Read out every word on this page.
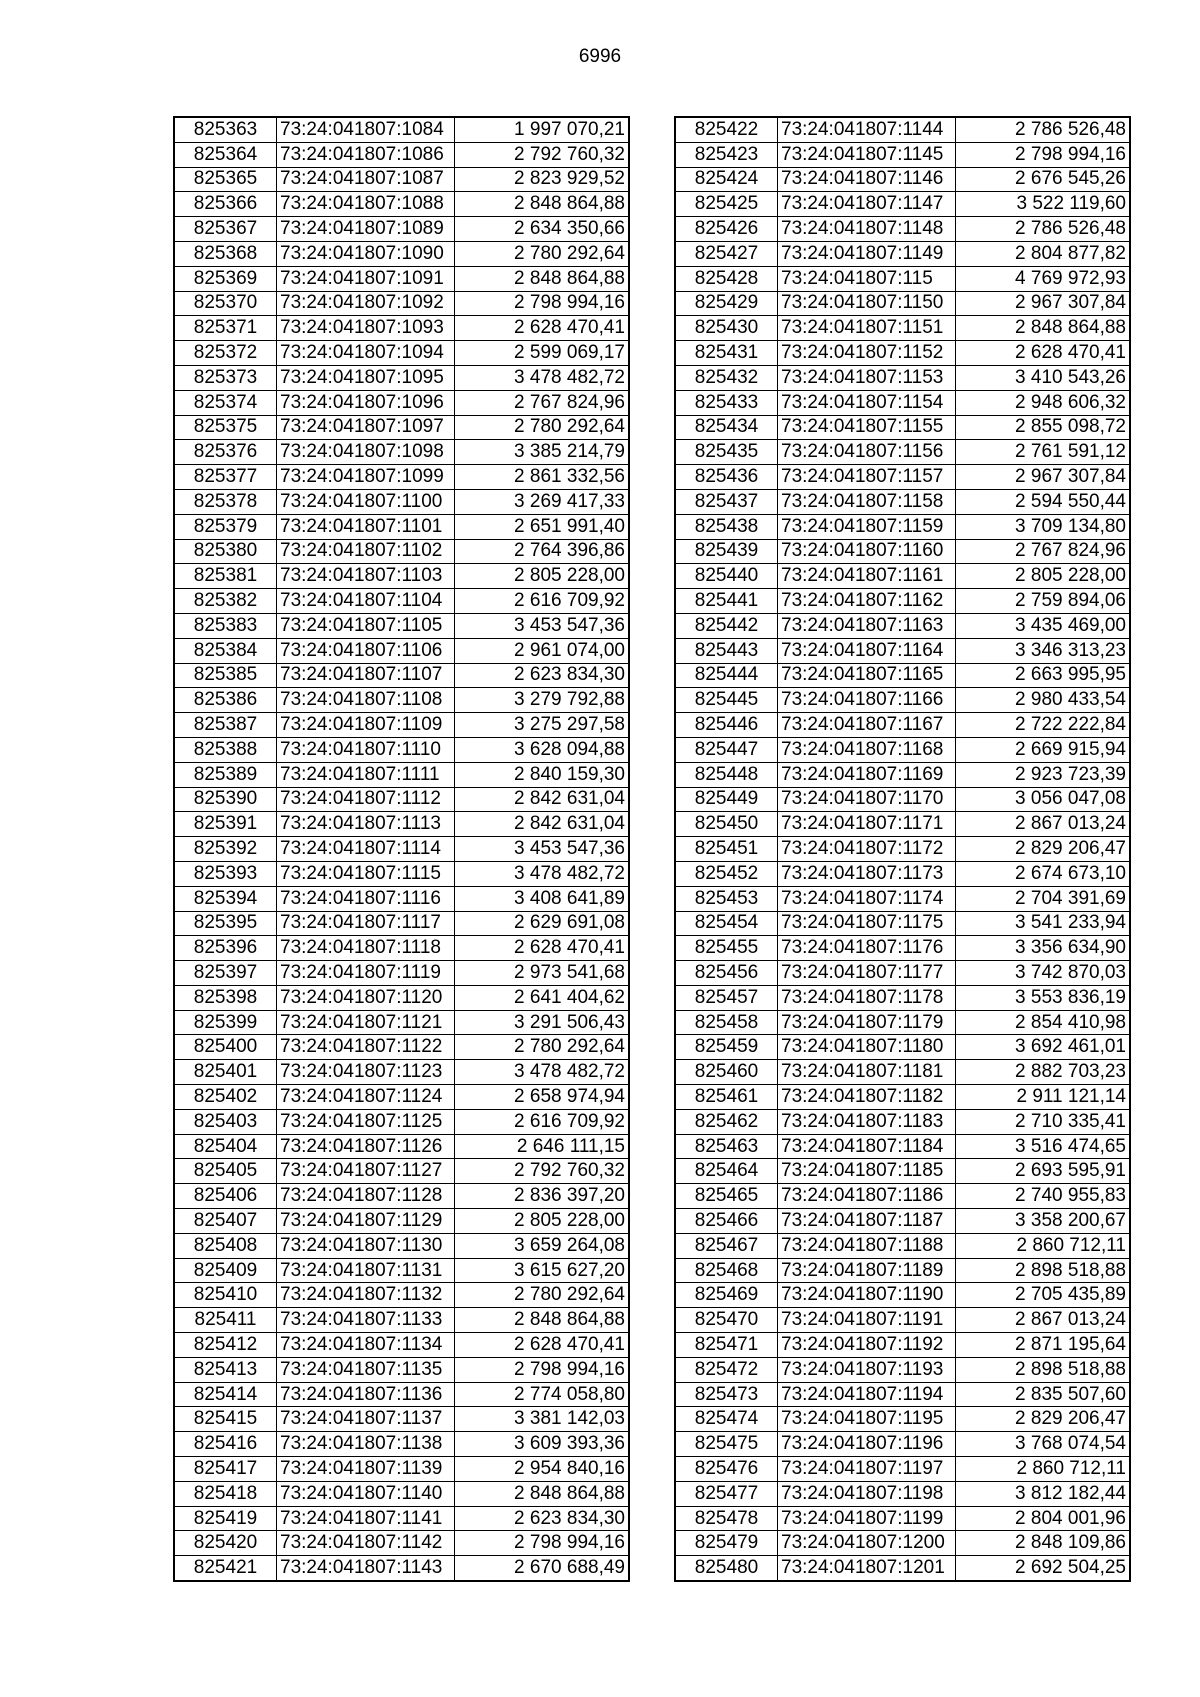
6996
825363	73:24:041807:1084	1 997 070,21
825364	73:24:041807:1086	2 792 760,32
825365	73:24:041807:1087	2 823 929,52
825366	73:24:041807:1088	2 848 864,88
825367	73:24:041807:1089	2 634 350,66
825368	73:24:041807:1090	2 780 292,64
825369	73:24:041807:1091	2 848 864,88
825370	73:24:041807:1092	2 798 994,16
825371	73:24:041807:1093	2 628 470,41
825372	73:24:041807:1094	2 599 069,17
825373	73:24:041807:1095	3 478 482,72
825374	73:24:041807:1096	2 767 824,96
825375	73:24:041807:1097	2 780 292,64
825376	73:24:041807:1098	3 385 214,79
825377	73:24:041807:1099	2 861 332,56
825378	73:24:041807:1100	3 269 417,33
825379	73:24:041807:1101	2 651 991,40
825380	73:24:041807:1102	2 764 396,86
825381	73:24:041807:1103	2 805 228,00
825382	73:24:041807:1104	2 616 709,92
825383	73:24:041807:1105	3 453 547,36
825384	73:24:041807:1106	2 961 074,00
825385	73:24:041807:1107	2 623 834,30
825386	73:24:041807:1108	3 279 792,88
825387	73:24:041807:1109	3 275 297,58
825388	73:24:041807:1110	3 628 094,88
825389	73:24:041807:1111	2 840 159,30
825390	73:24:041807:1112	2 842 631,04
825391	73:24:041807:1113	2 842 631,04
825392	73:24:041807:1114	3 453 547,36
825393	73:24:041807:1115	3 478 482,72
825394	73:24:041807:1116	3 408 641,89
825395	73:24:041807:1117	2 629 691,08
825396	73:24:041807:1118	2 628 470,41
825397	73:24:041807:1119	2 973 541,68
825398	73:24:041807:1120	2 641 404,62
825399	73:24:041807:1121	3 291 506,43
825400	73:24:041807:1122	2 780 292,64
825401	73:24:041807:1123	3 478 482,72
825402	73:24:041807:1124	2 658 974,94
825403	73:24:041807:1125	2 616 709,92
825404	73:24:041807:1126	2 646 111,15
825405	73:24:041807:1127	2 792 760,32
825406	73:24:041807:1128	2 836 397,20
825407	73:24:041807:1129	2 805 228,00
825408	73:24:041807:1130	3 659 264,08
825409	73:24:041807:1131	3 615 627,20
825410	73:24:041807:1132	2 780 292,64
825411	73:24:041807:1133	2 848 864,88
825412	73:24:041807:1134	2 628 470,41
825413	73:24:041807:1135	2 798 994,16
825414	73:24:041807:1136	2 774 058,80
825415	73:24:041807:1137	3 381 142,03
825416	73:24:041807:1138	3 609 393,36
825417	73:24:041807:1139	2 954 840,16
825418	73:24:041807:1140	2 848 864,88
825419	73:24:041807:1141	2 623 834,30
825420	73:24:041807:1142	2 798 994,16
825421	73:24:041807:1143	2 670 688,49
825422	73:24:041807:1144	2 786 526,48
825423	73:24:041807:1145	2 798 994,16
825424	73:24:041807:1146	2 676 545,26
825425	73:24:041807:1147	3 522 119,60
825426	73:24:041807:1148	2 786 526,48
825427	73:24:041807:1149	2 804 877,82
825428	73:24:041807:115	4 769 972,93
825429	73:24:041807:1150	2 967 307,84
825430	73:24:041807:1151	2 848 864,88
825431	73:24:041807:1152	2 628 470,41
825432	73:24:041807:1153	3 410 543,26
825433	73:24:041807:1154	2 948 606,32
825434	73:24:041807:1155	2 855 098,72
825435	73:24:041807:1156	2 761 591,12
825436	73:24:041807:1157	2 967 307,84
825437	73:24:041807:1158	2 594 550,44
825438	73:24:041807:1159	3 709 134,80
825439	73:24:041807:1160	2 767 824,96
825440	73:24:041807:1161	2 805 228,00
825441	73:24:041807:1162	2 759 894,06
825442	73:24:041807:1163	3 435 469,00
825443	73:24:041807:1164	3 346 313,23
825444	73:24:041807:1165	2 663 995,95
825445	73:24:041807:1166	2 980 433,54
825446	73:24:041807:1167	2 722 222,84
825447	73:24:041807:1168	2 669 915,94
825448	73:24:041807:1169	2 923 723,39
825449	73:24:041807:1170	3 056 047,08
825450	73:24:041807:1171	2 867 013,24
825451	73:24:041807:1172	2 829 206,47
825452	73:24:041807:1173	2 674 673,10
825453	73:24:041807:1174	2 704 391,69
825454	73:24:041807:1175	3 541 233,94
825455	73:24:041807:1176	3 356 634,90
825456	73:24:041807:1177	3 742 870,03
825457	73:24:041807:1178	3 553 836,19
825458	73:24:041807:1179	2 854 410,98
825459	73:24:041807:1180	3 692 461,01
825460	73:24:041807:1181	2 882 703,23
825461	73:24:041807:1182	2 911 121,14
825462	73:24:041807:1183	2 710 335,41
825463	73:24:041807:1184	3 516 474,65
825464	73:24:041807:1185	2 693 595,91
825465	73:24:041807:1186	2 740 955,83
825466	73:24:041807:1187	3 358 200,67
825467	73:24:041807:1188	2 860 712,11
825468	73:24:041807:1189	2 898 518,88
825469	73:24:041807:1190	2 705 435,89
825470	73:24:041807:1191	2 867 013,24
825471	73:24:041807:1192	2 871 195,64
825472	73:24:041807:1193	2 898 518,88
825473	73:24:041807:1194	2 835 507,60
825474	73:24:041807:1195	2 829 206,47
825475	73:24:041807:1196	3 768 074,54
825476	73:24:041807:1197	2 860 712,11
825477	73:24:041807:1198	3 812 182,44
825478	73:24:041807:1199	2 804 001,96
825479	73:24:041807:1200	2 848 109,86
825480	73:24:041807:1201	2 692 504,25
